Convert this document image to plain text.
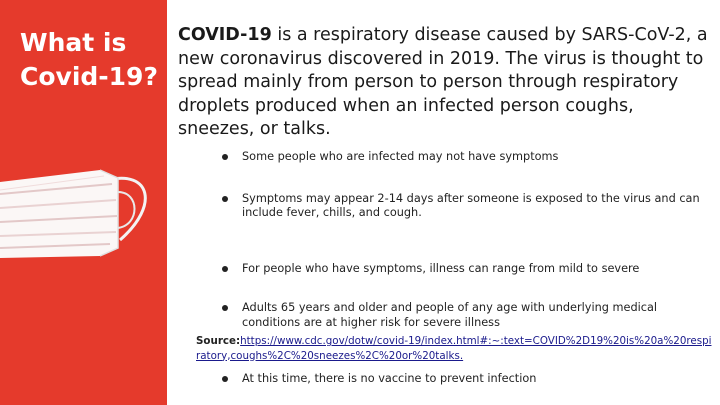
What is
Covid-19?
COVID-19 is a respiratory disease caused by SARS-CoV-2, a new coronavirus discovered in 2019. The virus is thought to spread mainly from person to person through respiratory droplets produced when an infected person coughs, sneezes, or talks.
Some people who are infected may not have symptoms
Symptoms may appear 2-14 days after someone is exposed to the virus and can include fever, chills, and cough.
For people who have symptoms, illness can range from mild to severe
Adults 65 years and older and people of any age with underlying medical conditions are at higher risk for severe illness
At this time, there is no vaccine to prevent infection
Source:https://www.cdc.gov/dotw/covid-19/index.html#:~:text=COVID%2D19%20is%20a%20respiratory,coughs%2C%20sneezes%2C%20or%20talks.
